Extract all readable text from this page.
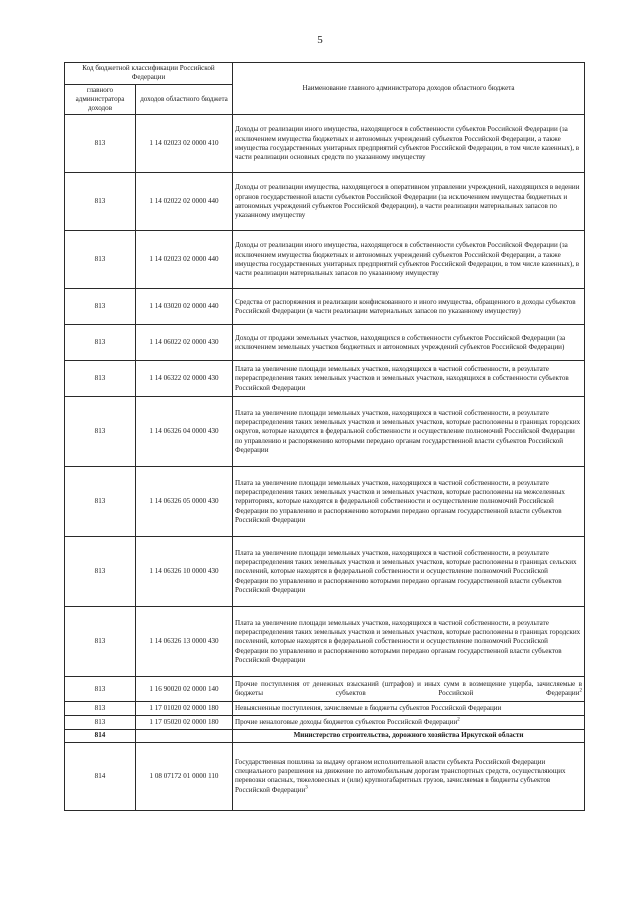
5
Код бюджетной классификации Российской Федерации		Наименование главного администратора доходов областного бюджета
главного администратора доходов	доходов областного бюджета	
813	1 14 02023 02 0000 410	Доходы от реализации иного имущества, находящегося в собственности субъектов Российской Федерации (за исключением имущества бюджетных и автономных учреждений субъектов Российской Федерации, а также имущества государственных унитарных предприятий субъектов Российской Федерации, в том числе казенных), в части реализации основных средств по указанному имуществу
813	1 14 02022 02 0000 440	Доходы от реализации имущества, находящегося в оперативном управлении учреждений, находящихся в ведении органов государственной власти субъектов Российской Федерации (за исключением имущества бюджетных и автономных учреждений субъектов Российской Федерации), в части реализации материальных запасов по указанному имуществу
813	1 14 02023 02 0000 440	Доходы от реализации иного имущества, находящегося в собственности субъектов Российской Федерации (за исключением имущества бюджетных и автономных учреждений субъектов Российской Федерации, а также имущества государственных унитарных предприятий субъектов Российской Федерации, в том числе казенных), в части реализации материальных запасов по указанному имуществу
813	1 14 03020 02 0000 440	Средства от распоряжения и реализации конфискованного и иного имущества, обращенного в доходы субъектов Российской Федерации (в части реализации материальных запасов по указанному имуществу)
813	1 14 06022 02 0000 430	Доходы от продажи земельных участков, находящихся в собственности субъектов Российской Федерации (за исключением земельных участков бюджетных и автономных учреждений субъектов Российской Федерации)
813	1 14 06322 02 0000 430	Плата за увеличение площади земельных участков, находящихся в частной собственности, в результате перераспределения таких земельных участков и земельных участков, находящихся в собственности субъектов Российской Федерации
813	1 14 06326 04 0000 430	Плата за увеличение площади земельных участков, находящихся в частной собственности, в результате перераспределения таких земельных участков и земельных участков, которые расположены в границах городских округов, которые находятся в федеральной собственности и осуществление полномочий Российской Федерации по управлению и распоряжению которыми передано органам государственной власти субъектов Российской Федерации
813	1 14 06326 05 0000 430	Плата за увеличение площади земельных участков, находящихся в частной собственности, в результате перераспределения таких земельных участков и земельных участков, которые расположены на межселенных территориях, которые находятся в федеральной собственности и осуществление полномочий Российской Федерации по управлению и распоряжению которыми передано органам государственной власти субъектов Российской Федерации
813	1 14 06326 10 0000 430	Плата за увеличение площади земельных участков, находящихся в частной собственности, в результате перераспределения таких земельных участков и земельных участков, которые расположены в границах сельских поселений, которые находятся в федеральной собственности и осуществление полномочий Российской Федерации по управлению и распоряжению которыми передано органам государственной власти субъектов Российской Федерации
813	1 14 06326 13 0000 430	Плата за увеличение площади земельных участков, находящихся в частной собственности, в результате перераспределения таких земельных участков и земельных участков, которые расположены в границах городских поселений, которые находятся в федеральной собственности и осуществление полномочий Российской Федерации по управлению и распоряжению которыми передано органам государственной власти субъектов Российской Федерации
813	1 16 90020 02 0000 140	Прочие поступления от денежных взысканий (штрафов) и иных сумм в возмещение ущерба, зачисляемые в бюджеты субъектов Российской Федерации$^2$
813	1 17 01020 02 0000 180	Невыясненные поступления, зачисляемые в бюджеты субъектов Российской Федерации
813	1 17 05020 02 0000 180	Прочие неналоговые доходы бюджетов субъектов Российской Федерации$^2$
814		Министерство строительства, дорожного хозяйства Иркутской области
814	1 08 07172 01 0000 110	Государственная пошлина за выдачу органом исполнительной власти субъекта Российской Федерации специального разрешения на движение по автомобильным дорогам транспортных средств, осуществляющих перевозки опасных, тяжеловесных и (или) крупногабаритных грузов, зачисляемая в бюджеты субъектов Российской Федерации$^3$
